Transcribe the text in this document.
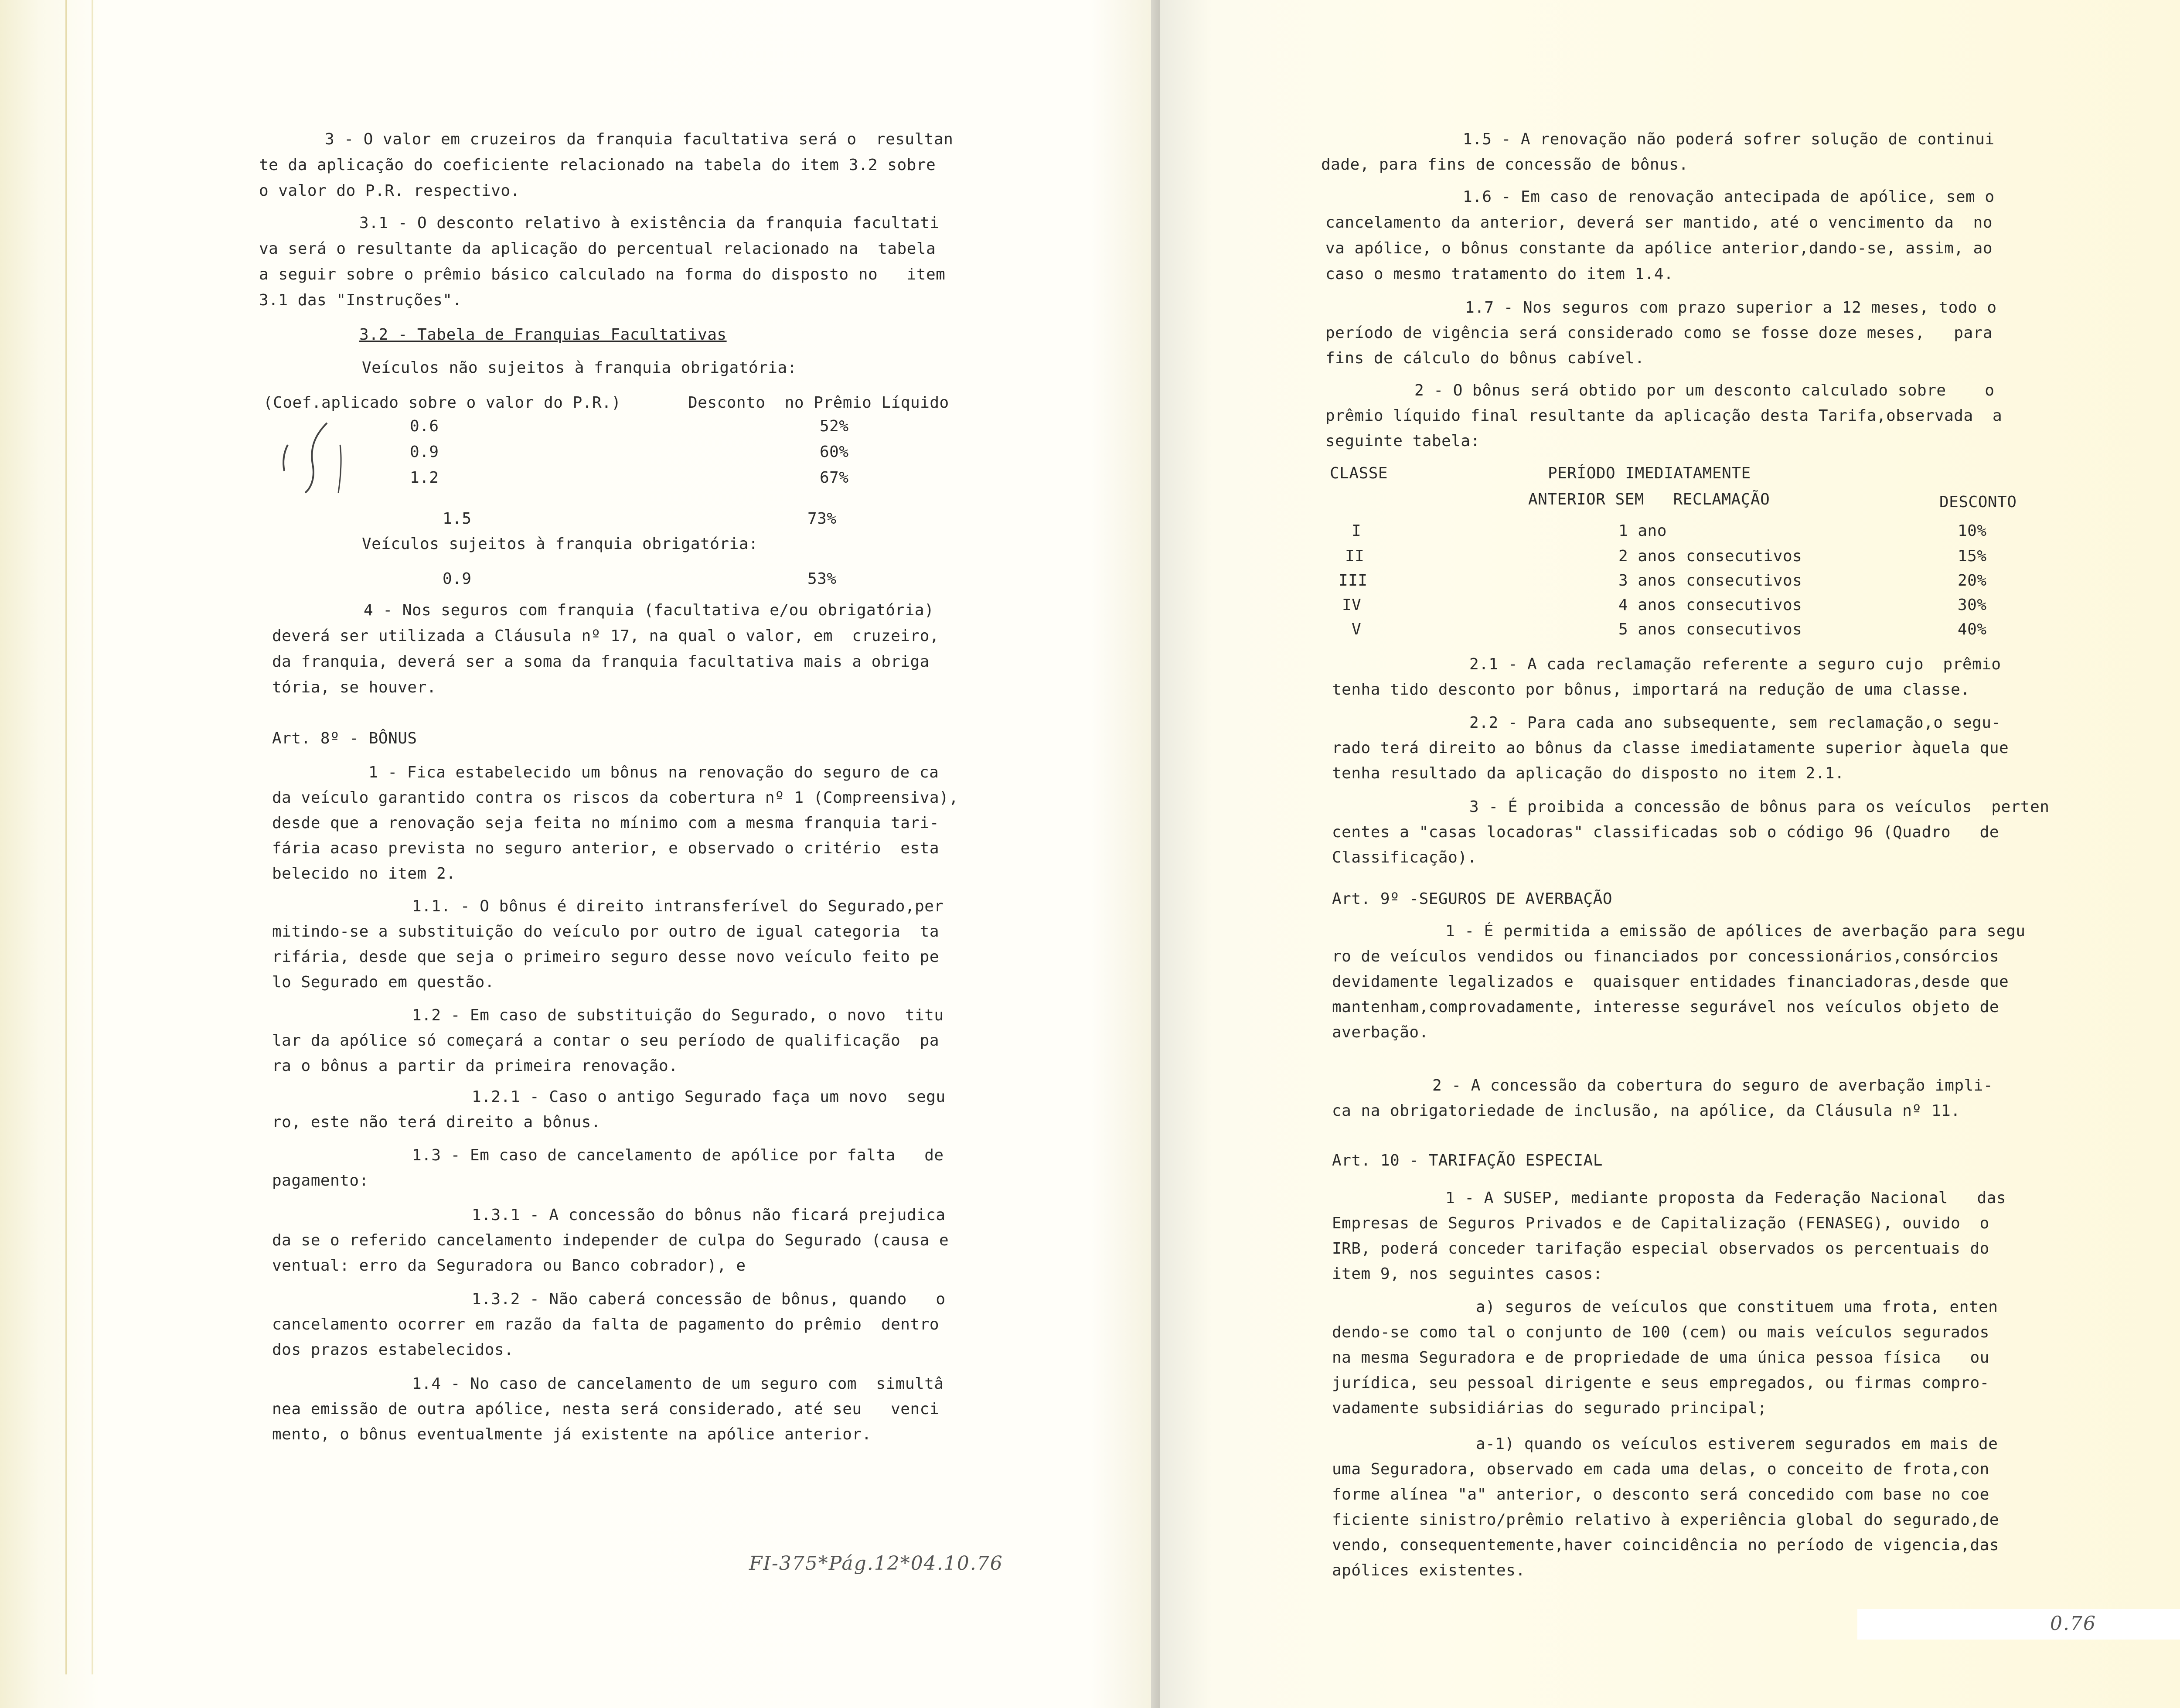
3 - O valor em cruzeiros da franquia facultativa será o  resultan
te da aplicação do coeficiente relacionado na tabela do item 3.2 sobre
o valor do P.R. respectivo.
3.1 - O desconto relativo à existência da franquia facultati
va será o resultante da aplicação do percentual relacionado na  tabela
a seguir sobre o prêmio básico calculado na forma do disposto no   item
3.1 das "Instruções".
3.2 - Tabela de Franquias Facultativas
Veículos não sujeitos à franquia obrigatória:
(Coef.aplicado sobre o valor do P.R.)	Desconto  no Prêmio Líquido
0.6	52%
0.9	60%
1.2	67%
1.5	73%
Veículos sujeitos à franquia obrigatória:
0.9	53%
4 - Nos seguros com franquia (facultativa e/ou obrigatória)
deverá ser utilizada a Cláusula nº 17, na qual o valor, em  cruzeiro,
da franquia, deverá ser a soma da franquia facultativa mais a obriga
tória, se houver.
Art. 8º - BÔNUS
1 - Fica estabelecido um bônus na renovação do seguro de ca
da veículo garantido contra os riscos da cobertura nº 1 (Compreensiva),
desde que a renovação seja feita no mínimo com a mesma franquia tari-
fária acaso prevista no seguro anterior, e observado o critério  esta
belecido no item 2.
1.1. - O bônus é direito intransferível do Segurado,per
mitindo-se a substituição do veículo por outro de igual categoria  ta
rifária, desde que seja o primeiro seguro desse novo veículo feito pe
lo Segurado em questão.
1.2 - Em caso de substituição do Segurado, o novo  titu
lar da apólice só começará a contar o seu período de qualificação  pa
ra o bônus a partir da primeira renovação.
1.2.1 - Caso o antigo Segurado faça um novo  segu
ro, este não terá direito a bônus.
1.3 - Em caso de cancelamento de apólice por falta   de
pagamento:
1.3.1 - A concessão do bônus não ficará prejudica
da se o referido cancelamento independer de culpa do Segurado (causa e
ventual: erro da Seguradora ou Banco cobrador), e
1.3.2 - Não caberá concessão de bônus, quando   o
cancelamento ocorrer em razão da falta de pagamento do prêmio  dentro
dos prazos estabelecidos.
1.4 - No caso de cancelamento de um seguro com  simultâ
nea emissão de outra apólice, nesta será considerado, até seu   venci
mento, o bônus eventualmente já existente na apólice anterior.
FI-375*Pág.12*04.10.76
1.5 - A renovação não poderá sofrer solução de continui
dade, para fins de concessão de bônus.
1.6 - Em caso de renovação antecipada de apólice, sem o
cancelamento da anterior, deverá ser mantido, até o vencimento da  no
va apólice, o bônus constante da apólice anterior,dando-se, assim, ao
caso o mesmo tratamento do item 1.4.
1.7 - Nos seguros com prazo superior a 12 meses, todo o
período de vigência será considerado como se fosse doze meses,   para
fins de cálculo do bônus cabível.
2 - O bônus será obtido por um desconto calculado sobre    o
prêmio líquido final resultante da aplicação desta Tarifa,observada  a
seguinte tabela:
CLASSE	PERÍODO IMEDIATAMENTE
ANTERIOR SEM   RECLAMAÇÃO	DESCONTO
I	1 ano	10%
II	2 anos consecutivos	15%
III	3 anos consecutivos	20%
IV	4 anos consecutivos	30%
V	5 anos consecutivos	40%
2.1 - A cada reclamação referente a seguro cujo  prêmio
tenha tido desconto por bônus, importará na redução de uma classe.
2.2 - Para cada ano subsequente, sem reclamação,o segu-
rado terá direito ao bônus da classe imediatamente superior àquela que
tenha resultado da aplicação do disposto no item 2.1.
3 - É proibida a concessão de bônus para os veículos  perten
centes a "casas locadoras" classificadas sob o código 96 (Quadro   de
Classificação).
Art. 9º -SEGUROS DE AVERBAÇÃO
1 - É permitida a emissão de apólices de averbação para segu
ro de veículos vendidos ou financiados por concessionários,consórcios
devidamente legalizados e  quaisquer entidades financiadoras,desde que
mantenham,comprovadamente, interesse segurável nos veículos objeto de
averbação.
2 - A concessão da cobertura do seguro de averbação impli-
ca na obrigatoriedade de inclusão, na apólice, da Cláusula nº 11.
Art. 10 - TARIFAÇÃO ESPECIAL
1 - A SUSEP, mediante proposta da Federação Nacional   das
Empresas de Seguros Privados e de Capitalização (FENASEG), ouvido  o
IRB, poderá conceder tarifação especial observados os percentuais do
item 9, nos seguintes casos:
a) seguros de veículos que constituem uma frota, enten
dendo-se como tal o conjunto de 100 (cem) ou mais veículos segurados
na mesma Seguradora e de propriedade de uma única pessoa física   ou
jurídica, seu pessoal dirigente e seus empregados, ou firmas compro-
vadamente subsidiárias do segurado principal;
a-1) quando os veículos estiverem segurados em mais de
uma Seguradora, observado em cada uma delas, o conceito de frota,con
forme alínea "a" anterior, o desconto será concedido com base no coe
ficiente sinistro/prêmio relativo à experiência global do segurado,de
vendo, consequentemente,haver coincidência no período de vigencia,das
apólices existentes.
0.76
